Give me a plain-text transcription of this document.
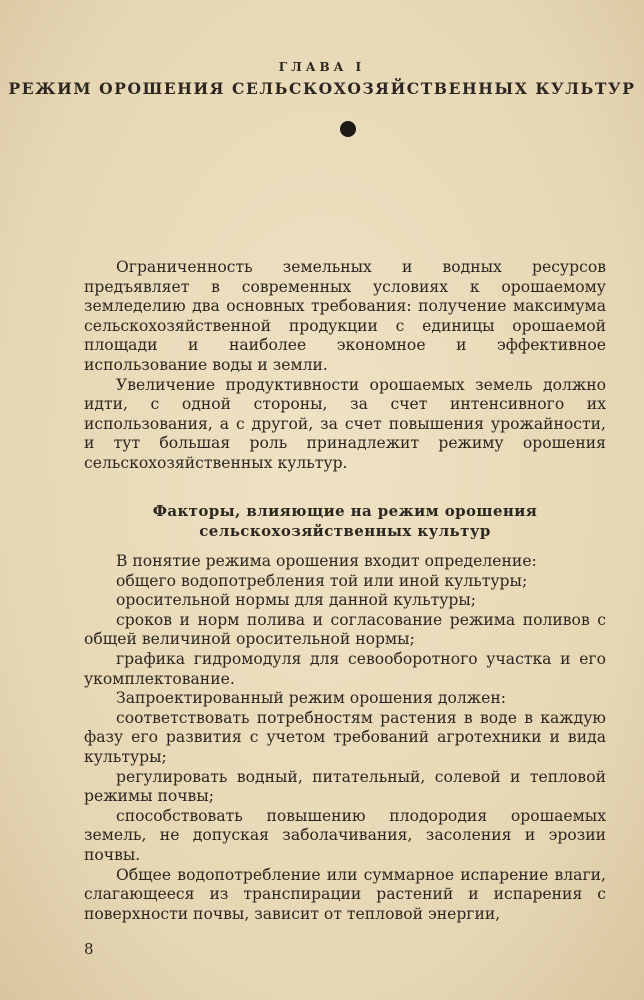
ГЛАВА I
РЕЖИМ ОРОШЕНИЯ СЕЛЬСКОХОЗЯЙСТВЕННЫХ КУЛЬТУР

Ограниченность земельных и водных ресурсов предъявляет в современных условиях к орошаемому земледелию два основных требования: получение максимума сельскохозяйственной продукции с единицы орошаемой площади и наиболее экономное и эффективное использование воды и земли.

Увеличение продуктивности орошаемых земель должно идти, с одной стороны, за счет интенсивного их использования, а с другой, за счет повышения урожайности, и тут большая роль принадлежит режиму орошения сельскохозяйственных культур.

Факторы, влияющие на режим орошения
сельскохозяйственных культур

В понятие режима орошения входит определение:

общего водопотребления той или иной культуры;

оросительной нормы для данной культуры;

сроков и норм полива и согласование режима поливов с общей величиной оросительной нормы;

графика гидромодуля для севооборотного участка и его укомплектование.

Запроектированный режим орошения должен:

соответствовать потребностям растения в воде в каждую фазу его развития с учетом требований агротехники и вида культуры;

регулировать водный, питательный, солевой и тепловой режимы почвы;

способствовать повышению плодородия орошаемых земель, не допуская заболачивания, засоления и эрозии почвы.

Общее водопотребление или суммарное испарение влаги, слагающееся из транспирации растений и испарения с поверхности почвы, зависит от тепловой энергии,

8
